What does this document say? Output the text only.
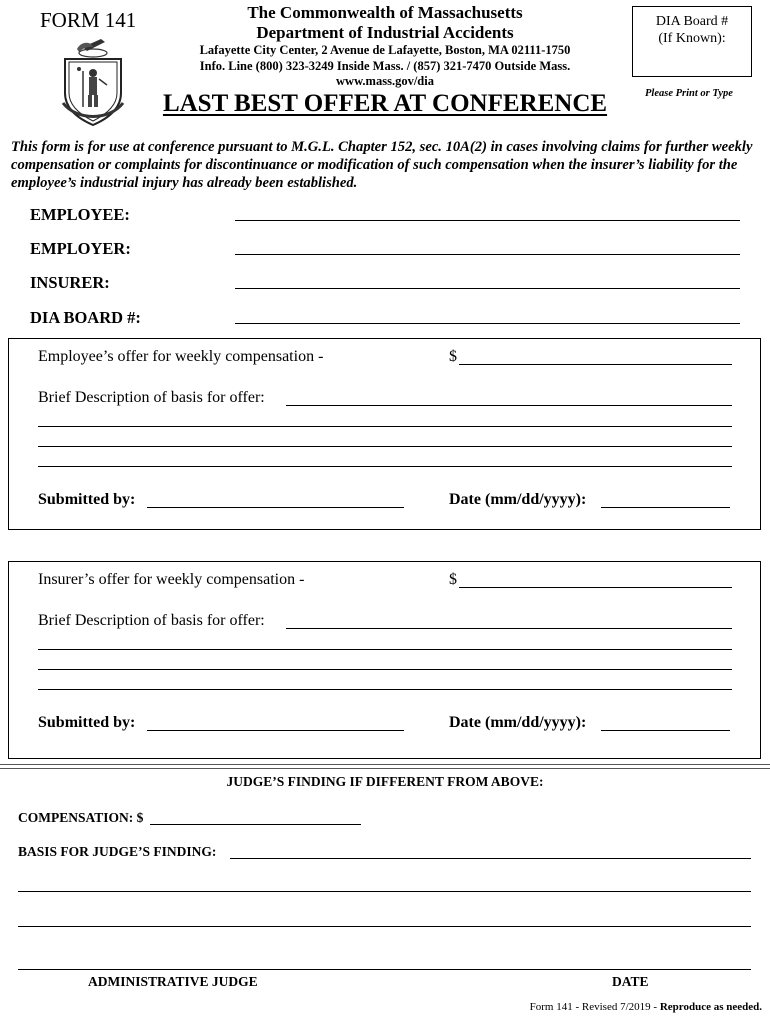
FORM 141	The Commonwealth of Massachusetts
Department of Industrial Accidents
Lafayette City Center, 2 Avenue de Lafayette, Boston, MA 02111-1750
Info. Line (800) 323-3249 Inside Mass. / (857) 321-7470 Outside Mass.
www.mass.gov/dia
DIA Board #
(If Known):
Please Print or Type
LAST BEST OFFER AT CONFERENCE
This form is for use at conference pursuant to M.G.L. Chapter 152, sec. 10A(2) in cases involving claims for further weekly compensation or complaints for discontinuance or modification of such compensation when the insurer’s liability for the employee’s industrial injury has already been established.
EMPLOYEE:
EMPLOYER:
INSURER:
DIA BOARD #:
Employee’s offer for weekly compensation -	$
Brief Description of basis for offer:
Submitted by:	Date (mm/dd/yyyy):
Insurer’s offer for weekly compensation -	$
Brief Description of basis for offer:
Submitted by:	Date (mm/dd/yyyy):
JUDGE’S FINDING IF DIFFERENT FROM ABOVE:
COMPENSATION: $
BASIS FOR JUDGE’S FINDING:
ADMINISTRATIVE JUDGE	DATE
Form 141 - Revised 7/2019 - Reproduce as needed.
